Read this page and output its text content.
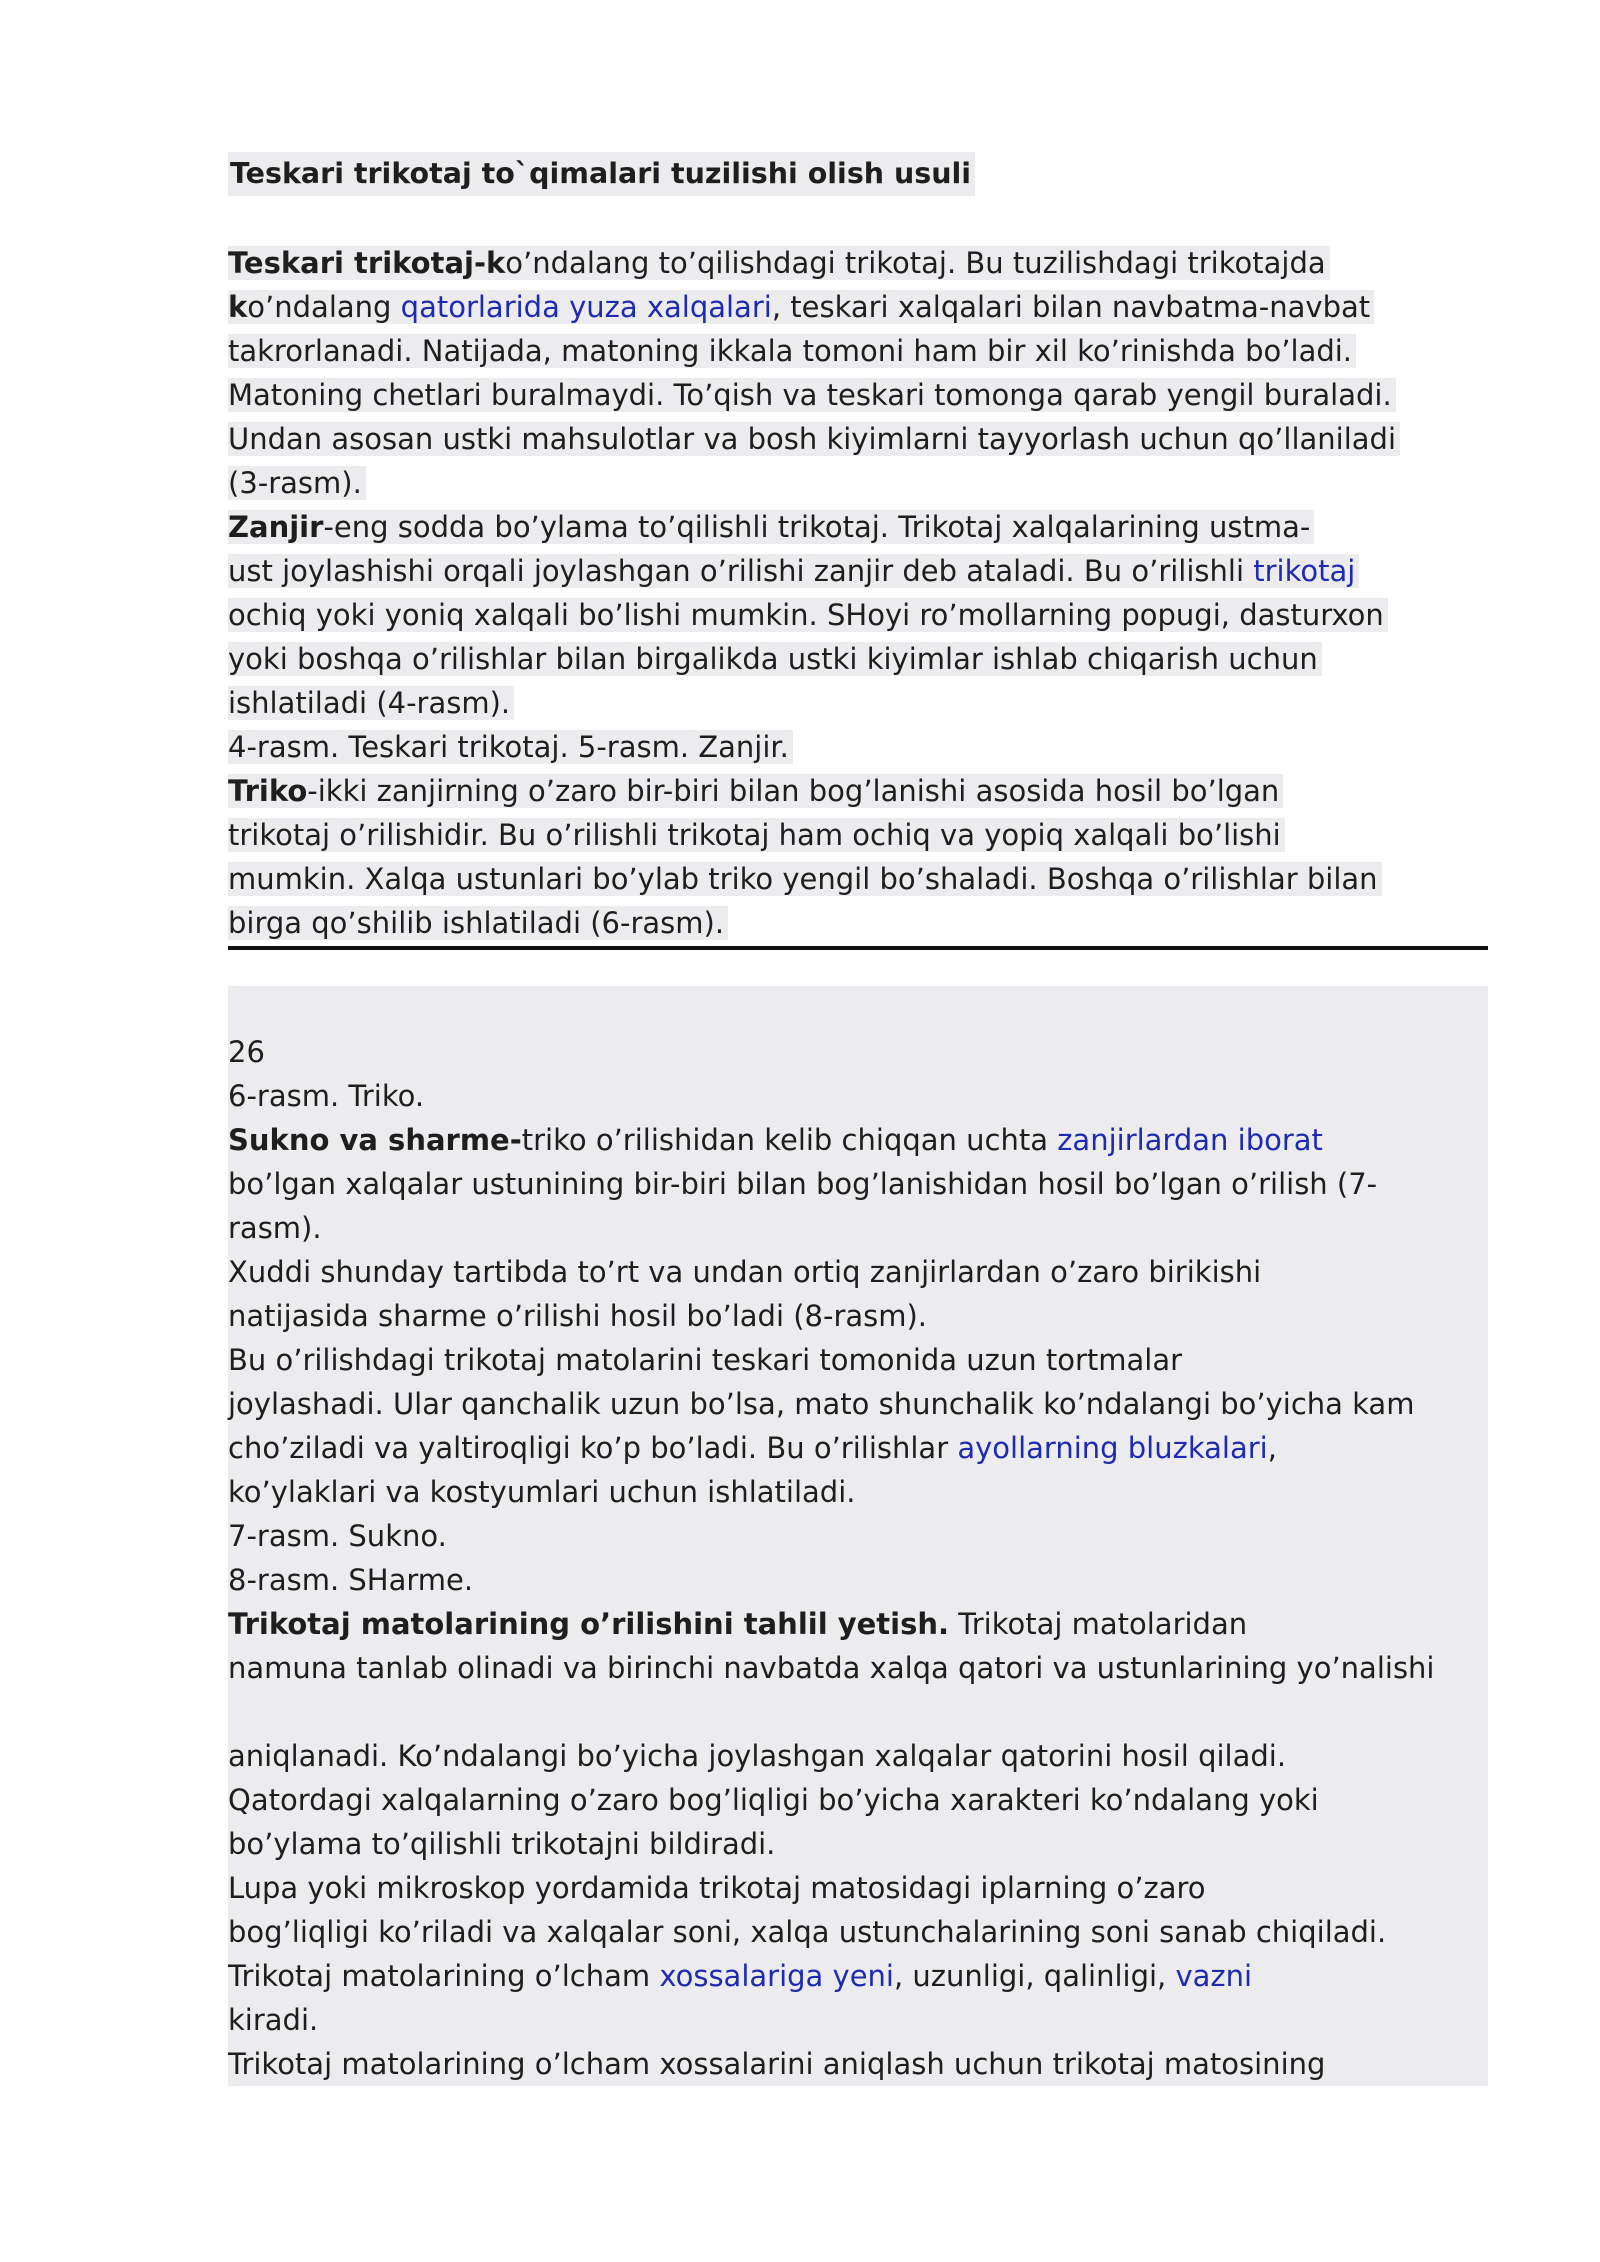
Teskari trikotaj to`qimalari tuzilishi olish usuli
Teskari trikotaj-ko’ndalang to’qilishdagi trikotaj. Bu tuzilishdagi trikotajda
ko’ndalang qatorlarida yuza xalqalari, teskari xalqalari bilan navbatma-navbat
takrorlanadi. Natijada, matoning ikkala tomoni ham bir xil ko’rinishda bo’ladi.
Matoning chetlari buralmaydi. To’qish va teskari tomonga qarab yengil buraladi.
Undan asosan ustki mahsulotlar va bosh kiyimlarni tayyorlash uchun qo’llaniladi
(3-rasm).
Zanjir-eng sodda bo’ylama to’qilishli trikotaj. Trikotaj xalqalarining ustma-
ust joylashishi orqali joylashgan o’rilishi zanjir deb ataladi. Bu o’rilishli trikotaj
ochiq yoki yoniq xalqali bo’lishi mumkin. SHoyi ro’mollarning popugi, dasturxon
yoki boshqa o’rilishlar bilan birgalikda ustki kiyimlar ishlab chiqarish uchun
ishlatiladi (4-rasm).
4-rasm. Teskari trikotaj. 5-rasm. Zanjir.
Triko-ikki zanjirning o’zaro bir-biri bilan bog’lanishi asosida hosil bo’lgan
trikotaj o’rilishidir. Bu o’rilishli trikotaj ham ochiq va yopiq xalqali bo’lishi
mumkin. Xalqa ustunlari bo’ylab triko yengil bo’shaladi. Boshqa o’rilishlar bilan
birga qo’shilib ishlatiladi (6-rasm).
26
6-rasm. Triko.
Sukno va sharme-triko o’rilishidan kelib chiqqan uchta zanjirlardan iborat
bo’lgan xalqalar ustunining bir-biri bilan bog’lanishidan hosil bo’lgan o’rilish (7-
rasm).
Xuddi shunday tartibda to’rt va undan ortiq zanjirlardan o’zaro birikishi
natijasida sharme o’rilishi hosil bo’ladi (8-rasm).
Bu o’rilishdagi trikotaj matolarini teskari tomonida uzun tortmalar
joylashadi. Ular qanchalik uzun bo’lsa, mato shunchalik ko’ndalangi bo’yicha kam
cho’ziladi va yaltiroqligi ko’p bo’ladi. Bu o’rilishlar ayollarning bluzkalari,
ko’ylaklari va kostyumlari uchun ishlatiladi.
7-rasm. Sukno.
8-rasm. SHarme.
Trikotaj matolarining o’rilishini tahlil yetish. Trikotaj matolaridan
namuna tanlab olinadi va birinchi navbatda xalqa qatori va ustunlarining yo’nalishi
aniqlanadi. Ko’ndalangi bo’yicha joylashgan xalqalar qatorini hosil qiladi.
Qatordagi xalqalarning o’zaro bog’liqligi bo’yicha xarakteri ko’ndalang yoki
bo’ylama to’qilishli trikotajni bildiradi.
Lupa yoki mikroskop yordamida trikotaj matosidagi iplarning o’zaro
bog’liqligi ko’riladi va xalqalar soni, xalqa ustunchalarining soni sanab chiqiladi.
Trikotaj matolarining o’lcham xossalariga yeni, uzunligi, qalinligi, vazni
kiradi.
Trikotaj matolarining o’lcham xossalarini aniqlash uchun trikotaj matosining
